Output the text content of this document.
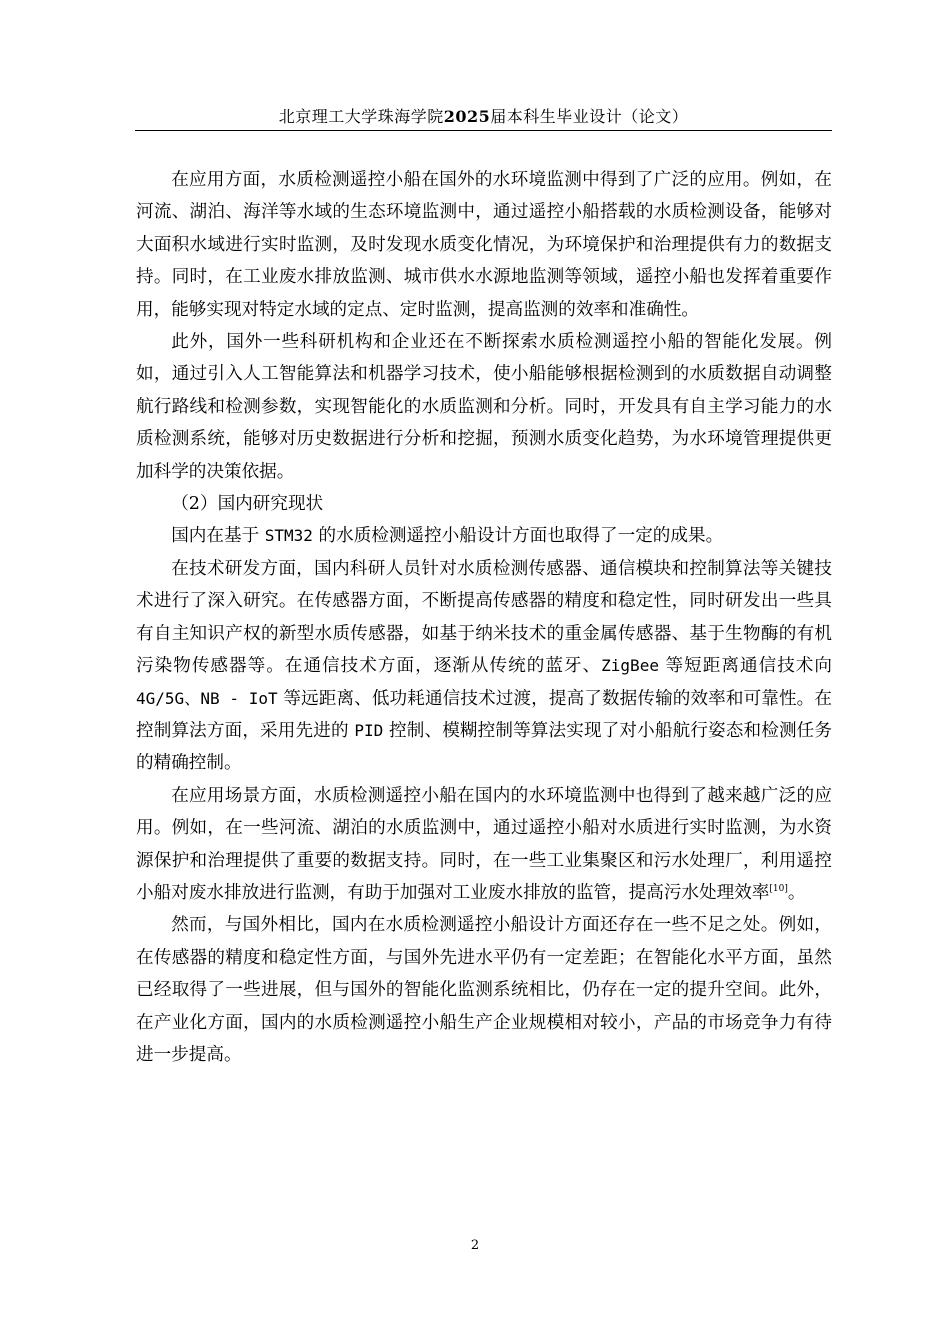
北京理工大学珠海学院2025届本科生毕业设计（论文）

在应用方面，水质检测遥控小船在国外的水环境监测中得到了广泛的应用。例如，在河流、湖泊、海洋等水域的生态环境监测中，通过遥控小船搭载的水质检测设备，能够对大面积水域进行实时监测，及时发现水质变化情况，为环境保护和治理提供有力的数据支持。同时，在工业废水排放监测、城市供水水源地监测等领域，遥控小船也发挥着重要作用，能够实现对特定水域的定点、定时监测，提高监测的效率和准确性。

此外，国外一些科研机构和企业还在不断探索水质检测遥控小船的智能化发展。例如，通过引入人工智能算法和机器学习技术，使小船能够根据检测到的水质数据自动调整航行路线和检测参数，实现智能化的水质监测和分析。同时，开发具有自主学习能力的水质检测系统，能够对历史数据进行分析和挖掘，预测水质变化趋势，为水环境管理提供更加科学的决策依据。

（2）国内研究现状

国内在基于 STM32 的水质检测遥控小船设计方面也取得了一定的成果。

在技术研发方面，国内科研人员针对水质检测传感器、通信模块和控制算法等关键技术进行了深入研究。在传感器方面，不断提高传感器的精度和稳定性，同时研发出一些具有自主知识产权的新型水质传感器，如基于纳米技术的重金属传感器、基于生物酶的有机污染物传感器等。在通信技术方面，逐渐从传统的蓝牙、ZigBee 等短距离通信技术向 4G/5G、NB - IoT 等远距离、低功耗通信技术过渡，提高了数据传输的效率和可靠性。在控制算法方面，采用先进的 PID 控制、模糊控制等算法实现了对小船航行姿态和检测任务的精确控制。

在应用场景方面，水质检测遥控小船在国内的水环境监测中也得到了越来越广泛的应用。例如，在一些河流、湖泊的水质监测中，通过遥控小船对水质进行实时监测，为水资源保护和治理提供了重要的数据支持。同时，在一些工业集聚区和污水处理厂，利用遥控小船对废水排放进行监测，有助于加强对工业废水排放的监管，提高污水处理效率[10]。

然而，与国外相比，国内在水质检测遥控小船设计方面还存在一些不足之处。例如，在传感器的精度和稳定性方面，与国外先进水平仍有一定差距；在智能化水平方面，虽然已经取得了一些进展，但与国外的智能化监测系统相比，仍存在一定的提升空间。此外，在产业化方面，国内的水质检测遥控小船生产企业规模相对较小，产品的市场竞争力有待进一步提高。

2
